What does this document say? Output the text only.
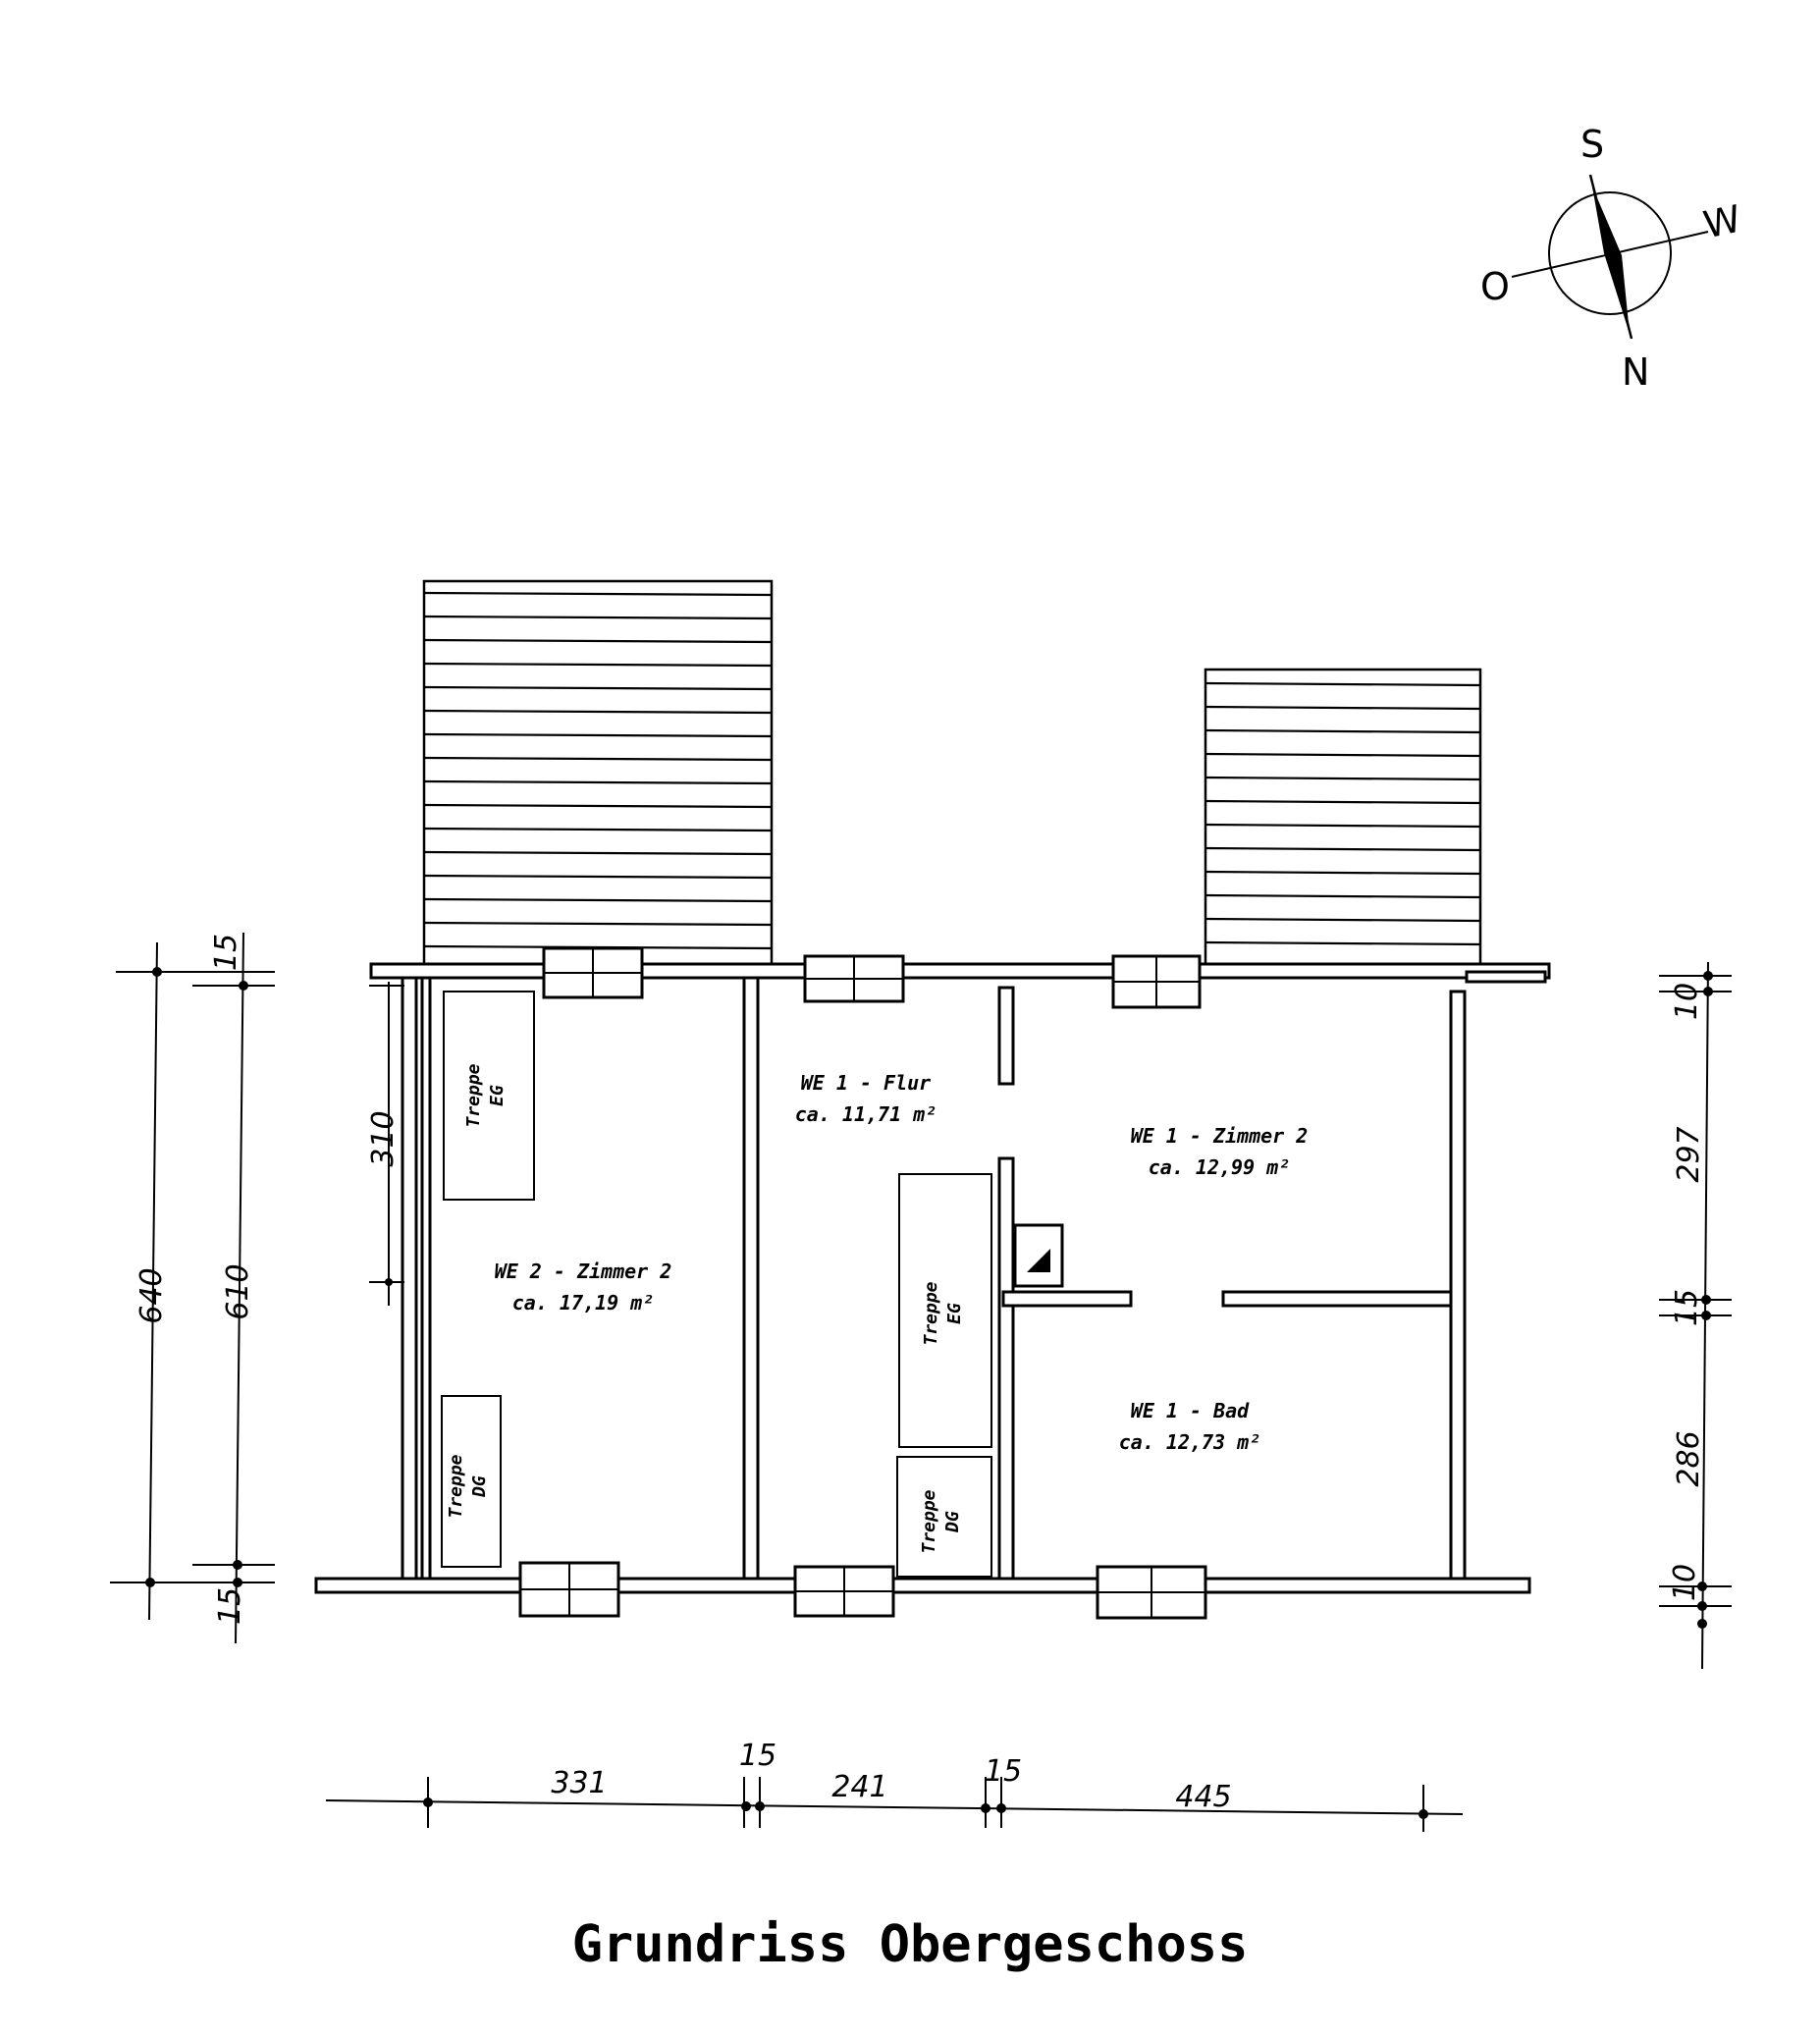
S
W
O
N
WE 1 - Flur
ca. 11,71 m²
WE 1 - Zimmer 2
ca. 12,99 m²
WE 2 - Zimmer 2
ca. 17,19 m²
WE 1 - Bad
ca. 12,73 m²
Treppe EG
Treppe DG
Treppe EG
Treppe DG
640
15
610
15
310
10
297
15
286
10
331
15
241	15
445
Grundriss Obergeschoss
